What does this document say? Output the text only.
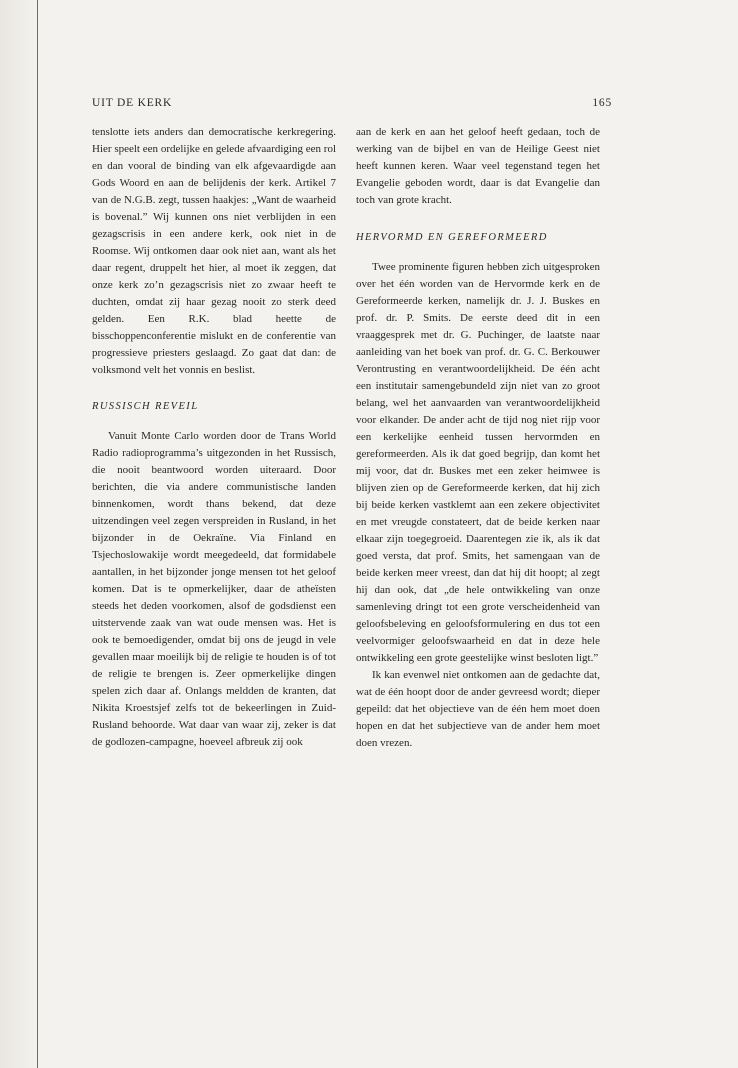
UIT DE KERK	165

tenslotte iets anders dan democratische kerkregering. Hier speelt een ordelijke en gelede afvaardiging een rol en dan vooral de binding van elk afgevaardigde aan Gods Woord en aan de belijdenis der kerk. Artikel 7 van de N.G.B. zegt, tussen haakjes: „Want de waarheid is bovenal.” Wij kunnen ons niet verblijden in een gezagscrisis in een andere kerk, ook niet in de Roomse. Wij ontkomen daar ook niet aan, want als het daar regent, druppelt het hier, al moet ik zeggen, dat onze kerk zo’n gezagscrisis niet zo zwaar heeft te duchten, omdat zij haar gezag nooit zo sterk deed gelden. Een R.K. blad heette de bisschoppenconferentie mislukt en de conferentie van progressieve priesters geslaagd. Zo gaat dat dan: de volksmond velt het vonnis en beslist.

RUSSISCH REVEIL

Vanuit Monte Carlo worden door de Trans World Radio radioprogramma’s uitgezonden in het Russisch, die nooit beantwoord worden uiteraard. Door berichten, die via andere communistische landen binnenkomen, wordt thans bekend, dat deze uitzendingen veel zegen verspreiden in Rusland, in het bijzonder in de Oekraïne. Via Finland en Tsjechoslowakije wordt meegedeeld, dat formidabele aantallen, in het bijzonder jonge mensen tot het geloof komen. Dat is te opmerkelijker, daar de atheïsten steeds het deden voorkomen, alsof de godsdienst een uitstervende zaak van wat oude mensen was. Het is ook te bemoedigender, omdat bij ons de jeugd in vele gevallen maar moeilijk bij de religie te houden is of tot de religie te brengen is. Zeer opmerkelijke dingen spelen zich daar af. Onlangs meldden de kranten, dat Nikita Kroestsjef zelfs tot de bekeerlingen in Zuid-Rusland behoorde. Wat daar van waar zij, zeker is dat de godlozen-campagne, hoeveel afbreuk zij ook

aan de kerk en aan het geloof heeft gedaan, toch de werking van de bijbel en van de Heilige Geest niet heeft kunnen keren. Waar veel tegenstand tegen het Evangelie geboden wordt, daar is dat Evangelie dan toch van grote kracht.

HERVORMD EN GEREFORMEERD

Twee prominente figuren hebben zich uitgesproken over het één worden van de Hervormde kerk en de Gereformeerde kerken, namelijk dr. J. J. Buskes en prof. dr. P. Smits. De eerste deed dit in een vraaggesprek met dr. G. Puchinger, de laatste naar aanleiding van het boek van prof. dr. G. C. Berkouwer Verontrusting en verantwoordelijkheid. De één acht een institutair samengebundeld zijn niet van zo groot belang, wel het aanvaarden van verantwoordelijkheid voor elkander. De ander acht de tijd nog niet rijp voor een kerkelijke eenheid tussen hervormden en gereformeerden. Als ik dat goed begrijp, dan komt het mij voor, dat dr. Buskes met een zeker heimwee is blijven zien op de Gereformeerde kerken, dat hij zich bij beide kerken vastklemt aan een zekere objectivitet en met vreugde constateert, dat de beide kerken naar elkaar zijn toegegroeid. Daarentegen zie ik, als ik dat goed versta, dat prof. Smits, het samengaan van de beide kerken meer vreest, dan dat hij dit hoopt; al zegt hij dan ook, dat „de hele ontwikkeling van onze samenleving dringt tot een grote verscheidenheid van geloofsbeleving en geloofsformulering en dus tot een veelvormiger geloofswaarheid en dat in deze hele ontwikkeling een grote geestelijke winst besloten ligt.”

Ik kan evenwel niet ontkomen aan de gedachte dat, wat de één hoopt door de ander gevreesd wordt; dieper gepeild: dat het objectieve van de één hem moet doen hopen en dat het subjectieve van de ander hem moet doen vrezen.
